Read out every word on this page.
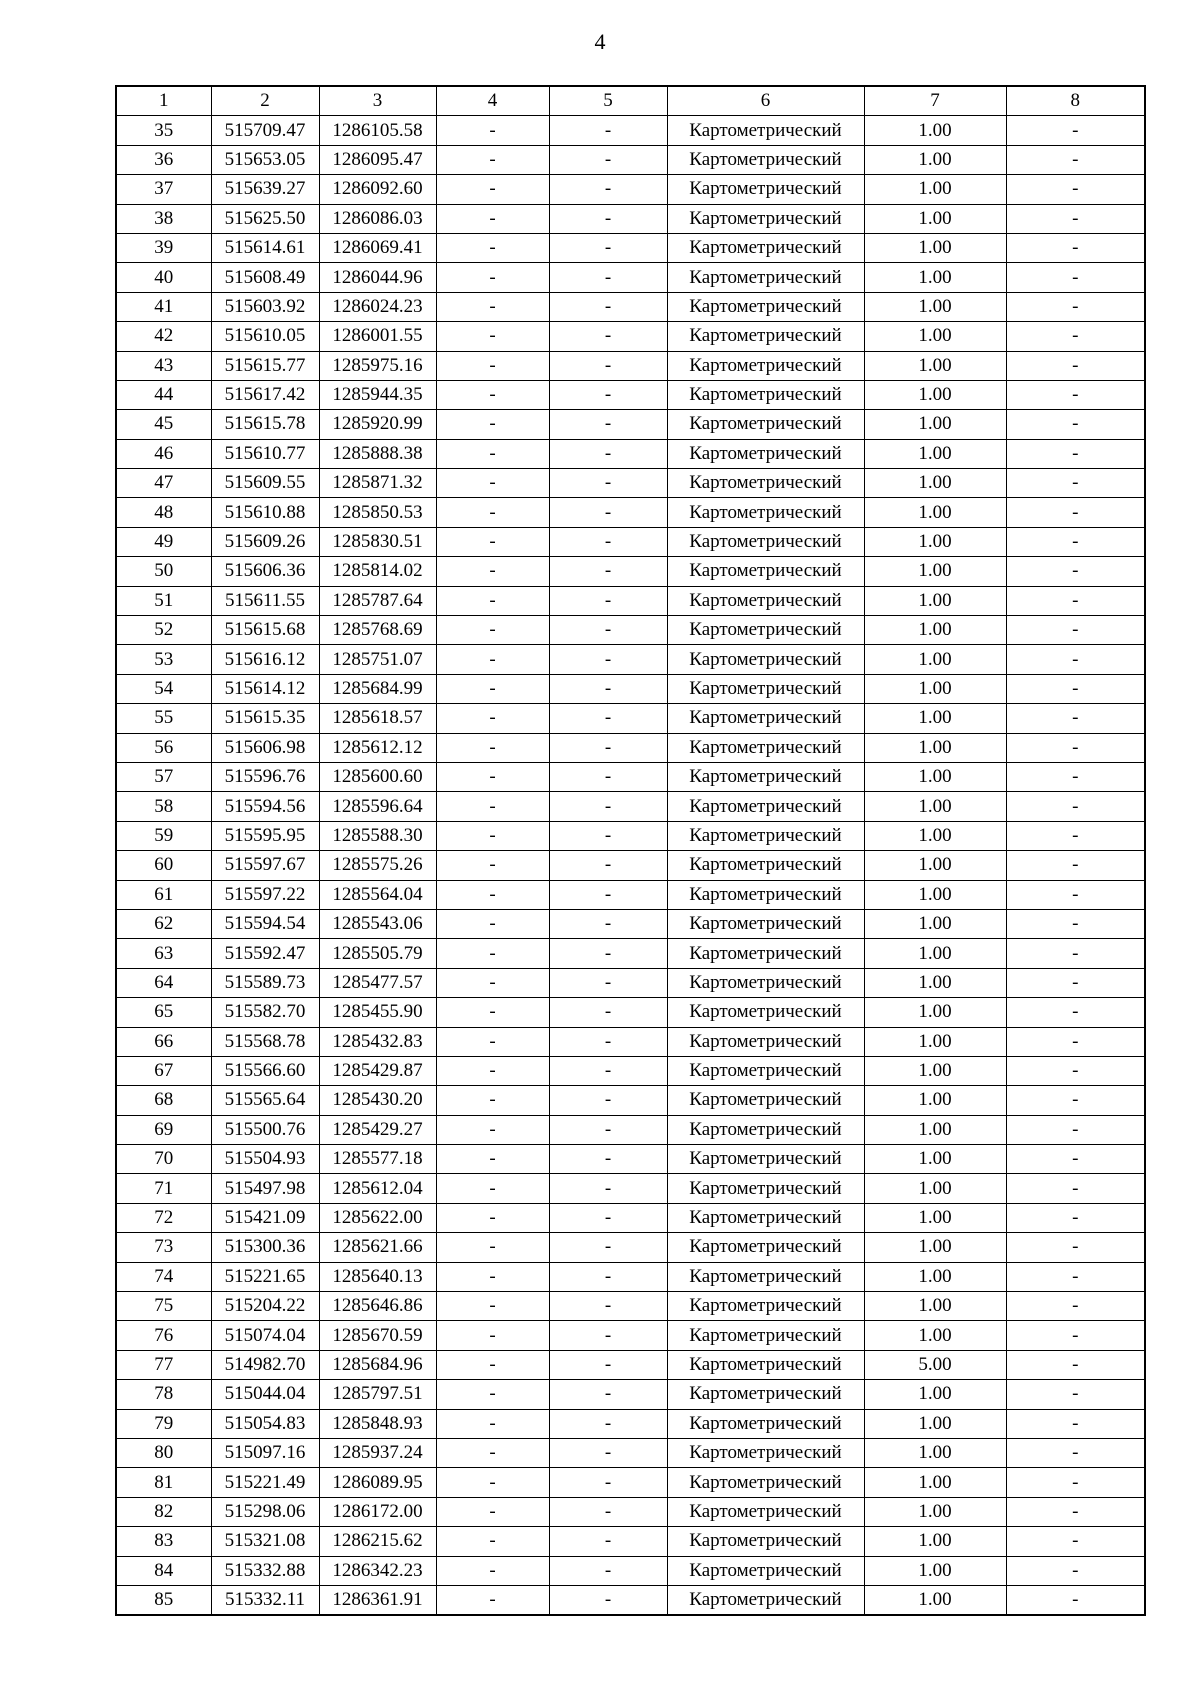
4
1	2	3	4	5	6	7	8
35	515709.47	1286105.58	-	-	Картометрический	1.00	-
36	515653.05	1286095.47	-	-	Картометрический	1.00	-
37	515639.27	1286092.60	-	-	Картометрический	1.00	-
38	515625.50	1286086.03	-	-	Картометрический	1.00	-
39	515614.61	1286069.41	-	-	Картометрический	1.00	-
40	515608.49	1286044.96	-	-	Картометрический	1.00	-
41	515603.92	1286024.23	-	-	Картометрический	1.00	-
42	515610.05	1286001.55	-	-	Картометрический	1.00	-
43	515615.77	1285975.16	-	-	Картометрический	1.00	-
44	515617.42	1285944.35	-	-	Картометрический	1.00	-
45	515615.78	1285920.99	-	-	Картометрический	1.00	-
46	515610.77	1285888.38	-	-	Картометрический	1.00	-
47	515609.55	1285871.32	-	-	Картометрический	1.00	-
48	515610.88	1285850.53	-	-	Картометрический	1.00	-
49	515609.26	1285830.51	-	-	Картометрический	1.00	-
50	515606.36	1285814.02	-	-	Картометрический	1.00	-
51	515611.55	1285787.64	-	-	Картометрический	1.00	-
52	515615.68	1285768.69	-	-	Картометрический	1.00	-
53	515616.12	1285751.07	-	-	Картометрический	1.00	-
54	515614.12	1285684.99	-	-	Картометрический	1.00	-
55	515615.35	1285618.57	-	-	Картометрический	1.00	-
56	515606.98	1285612.12	-	-	Картометрический	1.00	-
57	515596.76	1285600.60	-	-	Картометрический	1.00	-
58	515594.56	1285596.64	-	-	Картометрический	1.00	-
59	515595.95	1285588.30	-	-	Картометрический	1.00	-
60	515597.67	1285575.26	-	-	Картометрический	1.00	-
61	515597.22	1285564.04	-	-	Картометрический	1.00	-
62	515594.54	1285543.06	-	-	Картометрический	1.00	-
63	515592.47	1285505.79	-	-	Картометрический	1.00	-
64	515589.73	1285477.57	-	-	Картометрический	1.00	-
65	515582.70	1285455.90	-	-	Картометрический	1.00	-
66	515568.78	1285432.83	-	-	Картометрический	1.00	-
67	515566.60	1285429.87	-	-	Картометрический	1.00	-
68	515565.64	1285430.20	-	-	Картометрический	1.00	-
69	515500.76	1285429.27	-	-	Картометрический	1.00	-
70	515504.93	1285577.18	-	-	Картометрический	1.00	-
71	515497.98	1285612.04	-	-	Картометрический	1.00	-
72	515421.09	1285622.00	-	-	Картометрический	1.00	-
73	515300.36	1285621.66	-	-	Картометрический	1.00	-
74	515221.65	1285640.13	-	-	Картометрический	1.00	-
75	515204.22	1285646.86	-	-	Картометрический	1.00	-
76	515074.04	1285670.59	-	-	Картометрический	1.00	-
77	514982.70	1285684.96	-	-	Картометрический	5.00	-
78	515044.04	1285797.51	-	-	Картометрический	1.00	-
79	515054.83	1285848.93	-	-	Картометрический	1.00	-
80	515097.16	1285937.24	-	-	Картометрический	1.00	-
81	515221.49	1286089.95	-	-	Картометрический	1.00	-
82	515298.06	1286172.00	-	-	Картометрический	1.00	-
83	515321.08	1286215.62	-	-	Картометрический	1.00	-
84	515332.88	1286342.23	-	-	Картометрический	1.00	-
85	515332.11	1286361.91	-	-	Картометрический	1.00	-
